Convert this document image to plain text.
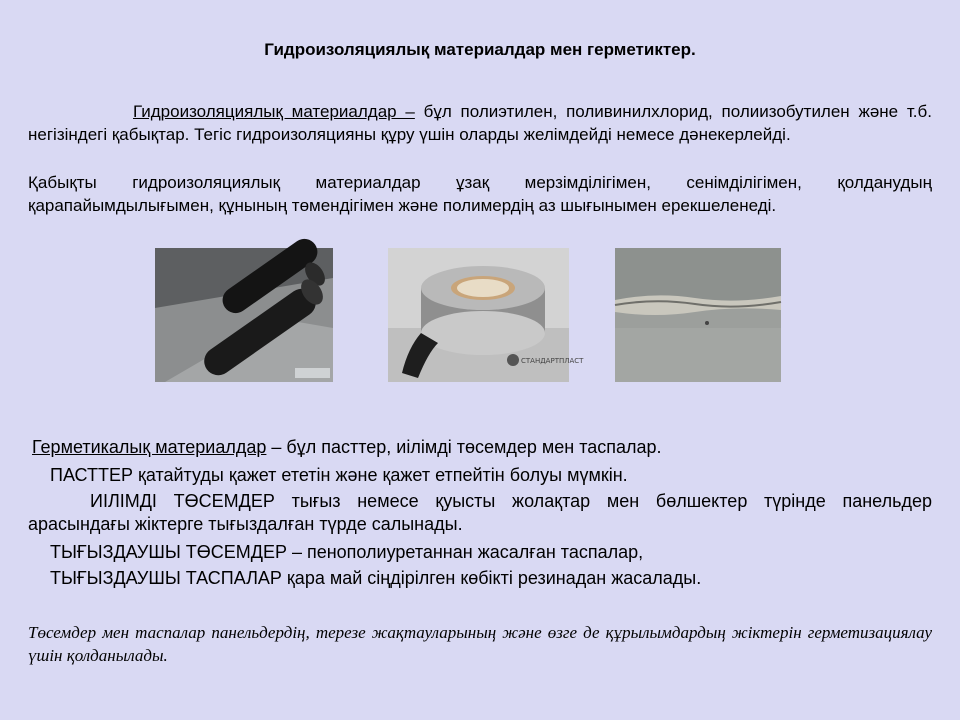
Гидроизоляциялық материалдар мен герметиктер.
Гидроизоляциялық материалдар – бұл полиэтилен, поливинилхлорид, полиизобутилен және т.б. негізіндегі қабықтар. Тегіс гидроизоляцияны құру үшін оларды желімдейді немесе дәнекерлейді.
Қабықты гидроизоляциялық материалдар ұзақ мерзімділігімен, сенімділігімен, қолданудың қарапайымдылығымен, құнының төмендігімен және полимердің аз шығынымен ерекшеленеді.
СТАНДАРТПЛАСТ
Герметикалық материалдар – бұл пасттер, иілімді төсемдер мен таспалар.
ПАСТТЕР қатайтуды қажет ететін және қажет етпейтін болуы мүмкін.
ИІЛІМДІ ТӨСЕМДЕР тығыз немесе қуысты жолақтар мен бөлшектер түрінде панельдер арасындағы жіктерге тығыздалған түрде салынады.
ТЫҒЫЗДАУШЫ ТӨСЕМДЕР – пенополиуретаннан жасалған таспалар,
ТЫҒЫЗДАУШЫ ТАСПАЛАР қара май сіңдірілген көбікті резинадан жасалады.
Төсемдер мен таспалар панельдердің, терезе жақтауларының және өзге де құрылымдардың жіктерін герметизациялау үшін қолданылады.
